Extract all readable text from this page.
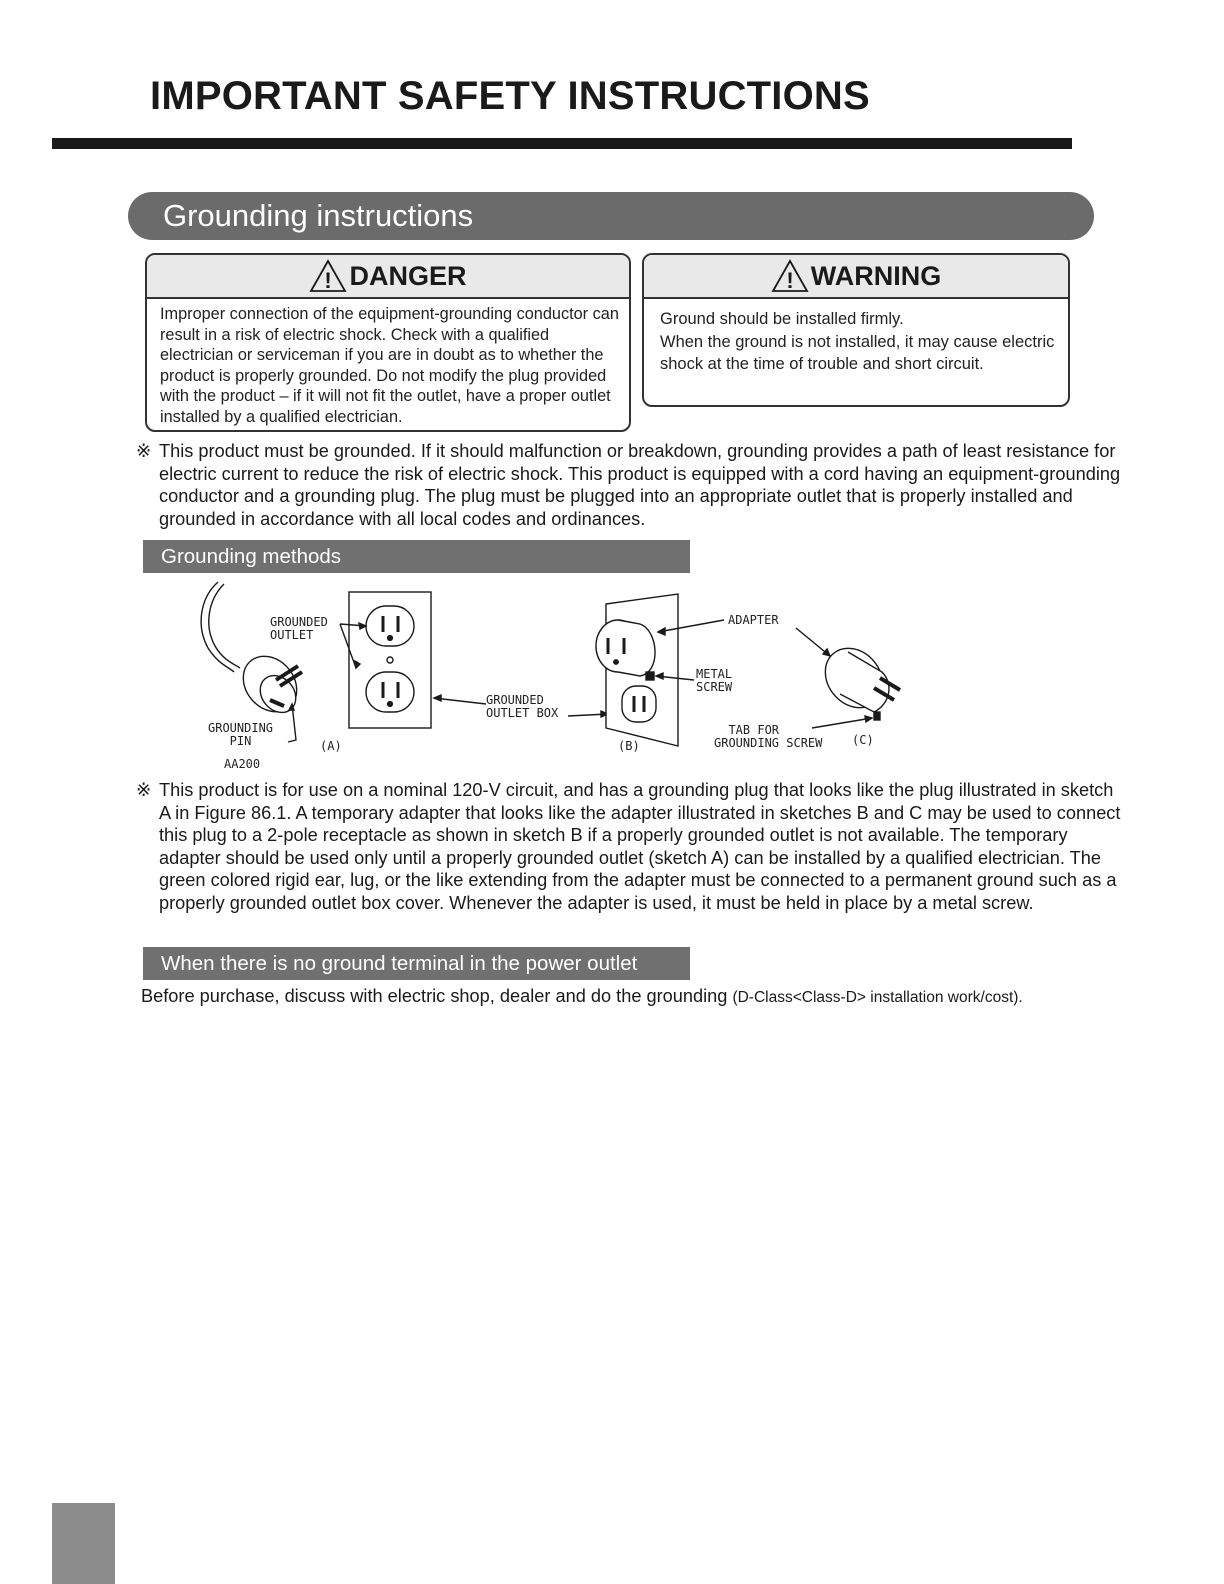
IMPORTANT SAFETY INSTRUCTIONS
Grounding instructions
! DANGER
Improper connection of the equipment-grounding conductor can result in a risk of electric shock. Check with a qualified electrician or serviceman if you are in doubt as to whether the product is properly grounded. Do not modify the plug provided with the product – if it will not fit the outlet, have a proper outlet installed by a qualified electrician.
! WARNING
Ground should be installed firmly.
When the ground is not installed, it may cause electric shock at the time of trouble and short circuit.
※ This product must be grounded. If it should malfunction or breakdown, grounding provides a path of least resistance for electric current to reduce the risk of electric shock. This product is equipped with a cord having an equipment-grounding conductor and a grounding plug. The plug must be plugged into an appropriate outlet that is properly installed and grounded in accordance with all local codes and ordinances.
Grounding methods
GROUNDED
OUTLET
GROUNDING
PIN	(A)
AA200
GROUNDED
OUTLET BOX
ADAPTER
METAL
SCREW
(B)
TAB FOR
GROUNDING SCREW (C)
※ This product is for use on a nominal 120-V circuit, and has a grounding plug that looks like the plug illustrated in sketch A in Figure 86.1. A temporary adapter that looks like the adapter illustrated in sketches B and C may be used to connect this plug to a 2-pole receptacle as shown in sketch B if a properly grounded outlet is not available. The temporary adapter should be used only until a properly grounded outlet (sketch A) can be installed by a qualified electrician. The green colored rigid ear, lug, or the like extending from the adapter must be connected to a permanent ground such as a properly grounded outlet box cover. Whenever the adapter is used, it must be held in place by a metal screw.
When there is no ground terminal in the power outlet
Before purchase, discuss with electric shop, dealer and do the grounding (D-Class<Class-D> installation work/cost).
